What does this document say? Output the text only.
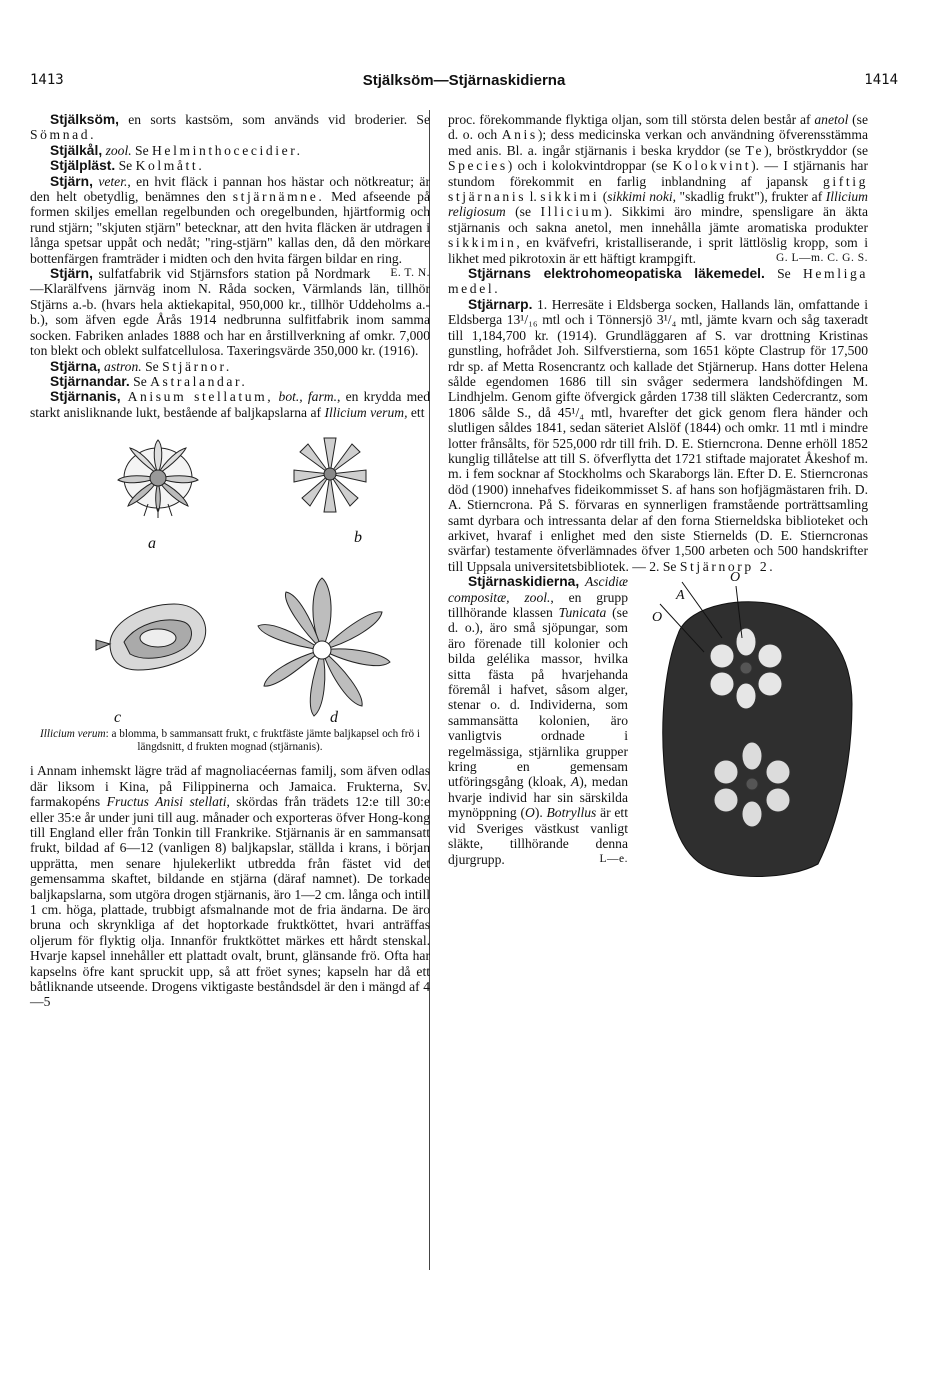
1413	Stjälksöm—Stjärnaskidierna	1414

Stjälksöm, en sorts kastsöm, som används vid broderier. Se Sömnad.

Stjälkål, zool. Se Helminthocecidier.

Stjälpläst. Se Kolmått.

Stjärn, veter., en hvit fläck i pannan hos hästar och nötkreatur; är den helt obetydlig, benämnes den stjärnämne. Med afseende på formen skiljes emellan regelbunden och oregelbunden, hjärtformig och rund stjärn; "skjuten stjärn" betecknar, att den hvita fläcken är utdragen i långa spetsar uppåt och nedåt; "ring-stjärn" kallas den, då den mörkare bottenfärgen framträder i midten och den hvita färgen bildar en ring.
E. T. N.

Stjärn, sulfatfabrik vid Stjärnsfors station på Nordmark—Klarälfvens järnväg inom N. Råda socken, Värmlands län, tillhör Stjärns a.-b. (hvars hela aktiekapital, 950,000 kr., tillhör Uddeholms a.-b.), som äfven egde Årås 1914 nedbrunna sulfitfabrik inom samma socken. Fabriken anlades 1888 och har en årstillverkning af omkr. 7,000 ton blekt och oblekt sulfatcellulosa. Taxeringsvärde 350,000 kr. (1916).

Stjärna, astron. Se Stjärnor.

Stjärnandar. Se Astralandar.

Stjärnanis, Anisum stellatum, bot., farm., en krydda med starkt anisliknande lukt, bestående af baljkapslarna af Illicium verum, ett

a	b
c	d

Illicium verum: a blomma, b sammansatt frukt, c fruktfäste jämte baljkapsel och frö i längdsnitt, d frukten mognad (stjärnanis).

i Annam inhemskt lägre träd af magnoliacéernas familj, som äfven odlas där liksom i Kina, på Filippinerna och Jamaica. Frukterna, Sv. farmakopéns Fructus Anisi stellati, skördas från trädets 12:e till 30:e eller 35:e år under juni till aug. månader och exporteras öfver Hong-kong till England eller från Tonkin till Frankrike. Stjärnanis är en sammansatt frukt, bildad af 6—12 (vanligen 8) baljkapslar, ställda i krans, i början upprätta, men senare hjulekerlikt utbredda från fästet vid det gemensamma skaftet, bildande en stjärna (däraf namnet). De torkade baljkapslarna, som utgöra drogen stjärnanis, äro 1—2 cm. långa och intill 1 cm. höga, plattade, trubbigt afsmalnande mot de fria ändarna. De äro bruna och skrynkliga af det hoptorkade fruktköttet, hvari anträffas oljerum för flyktig olja. Innanför fruktköttet märkes ett hårdt stenskal. Hvarje kapsel innehåller ett plattadt ovalt, brunt, glänsande frö. Ofta har kapselns öfre kant spruckit upp, så att fröet synes; kapseln har då ett båtliknande utseende. Drogens viktigaste beståndsdel är den i mängd af 4—5

proc. förekommande flyktiga oljan, som till största delen består af anetol (se d. o. och Anis); dess medicinska verkan och användning öfverensstämma med anis. Bl. a. ingår stjärnanis i beska kryddor (se Te), bröstkryddor (se Species) och i kolokvintdroppar (se Kolokvint). — I stjärnanis har stundom förekommit en farlig inblandning af japansk giftig stjärnanis l. sikkimi (sikkimi noki, "skadlig frukt"), frukter af Illicium religiosum (se Illicium). Sikkimi äro mindre, spensligare än äkta stjärnanis och sakna anetol, men innehålla jämte aromatiska produkter sikkimin, en kväfvefri, kristalliserande, i sprit lättlöslig kropp, som i likhet med pikrotoxin är ett häftigt krampgift.	G. L—m. C. G. S.

Stjärnans elektrohomeopatiska läkemedel. Se Hemliga medel.

Stjärnarp. 1. Herresäte i Eldsberga socken, Hallands län, omfattande i Eldsberga 13¹/₁₆ mtl och i Tönnersjö 3¹/₄ mtl, jämte kvarn och såg taxeradt till 1,184,700 kr. (1914). Grundläggaren af S. var drottning Kristinas gunstling, hofrådet Joh. Silfverstierna, som 1651 köpte Clastrup för 17,500 rdr sp. af Metta Rosencrantz och kallade det Stjärnerup. Hans dotter Helena sålde egendomen 1686 till sin svåger sedermera landshöfdingen M. Lindhjelm. Genom gifte öfvergick gården 1738 till släkten Cedercrantz, som 1806 sålde S., då 45¹/₄ mtl, hvarefter det gick genom flera händer och slutligen såldes 1841, sedan säteriet Alslöf (1844) och omkr. 11 mtl i mindre lotter frånsålts, för 525,000 rdr till frih. D. E. Stierncrona. Denne erhöll 1852 kunglig tillåtelse att till S. öfverflytta det 1721 stiftade majoratet Åkeshof m. m. i fem socknar af Stockholms och Skaraborgs län. Efter D. E. Stierncronas död (1900) innehafves fideikommisset S. af hans son hofjägmästaren frih. D. A. Stierncrona. På S. förvaras en synnerligen framstående porträttsamling samt dyrbara och intressanta delar af den forna Stierneldska biblioteket och arkivet, hvaraf i enlighet med den siste Stiernelds (D. E. Stierncronas svärfar) testamente öfverlämnades öfver 1,500 arbeten och 500 handskrifter till Uppsala universitetsbibliotek. — 2. Se Stjärnorp 2.

O
A
O

Stjärnaskidierna, Ascidiæ compositæ, zool., en grupp tillhörande klassen Tunicata (se d. o.), äro små sjöpungar, som äro förenade till kolonier och bilda gelélika massor, hvilka sitta fästa på hvarjehanda föremål i hafvet, såsom alger, stenar o. d. Individerna, som sammansätta kolonien, äro vanligtvis ordnade i regelmässiga, stjärnlika grupper kring en gemensam utföringsgång (kloak, A), medan hvarje individ har sin särskilda mynöppning (O). Botryllus är ett vid Sveriges västkust vanligt släkte, tillhörande denna djurgrupp.	L—e.
